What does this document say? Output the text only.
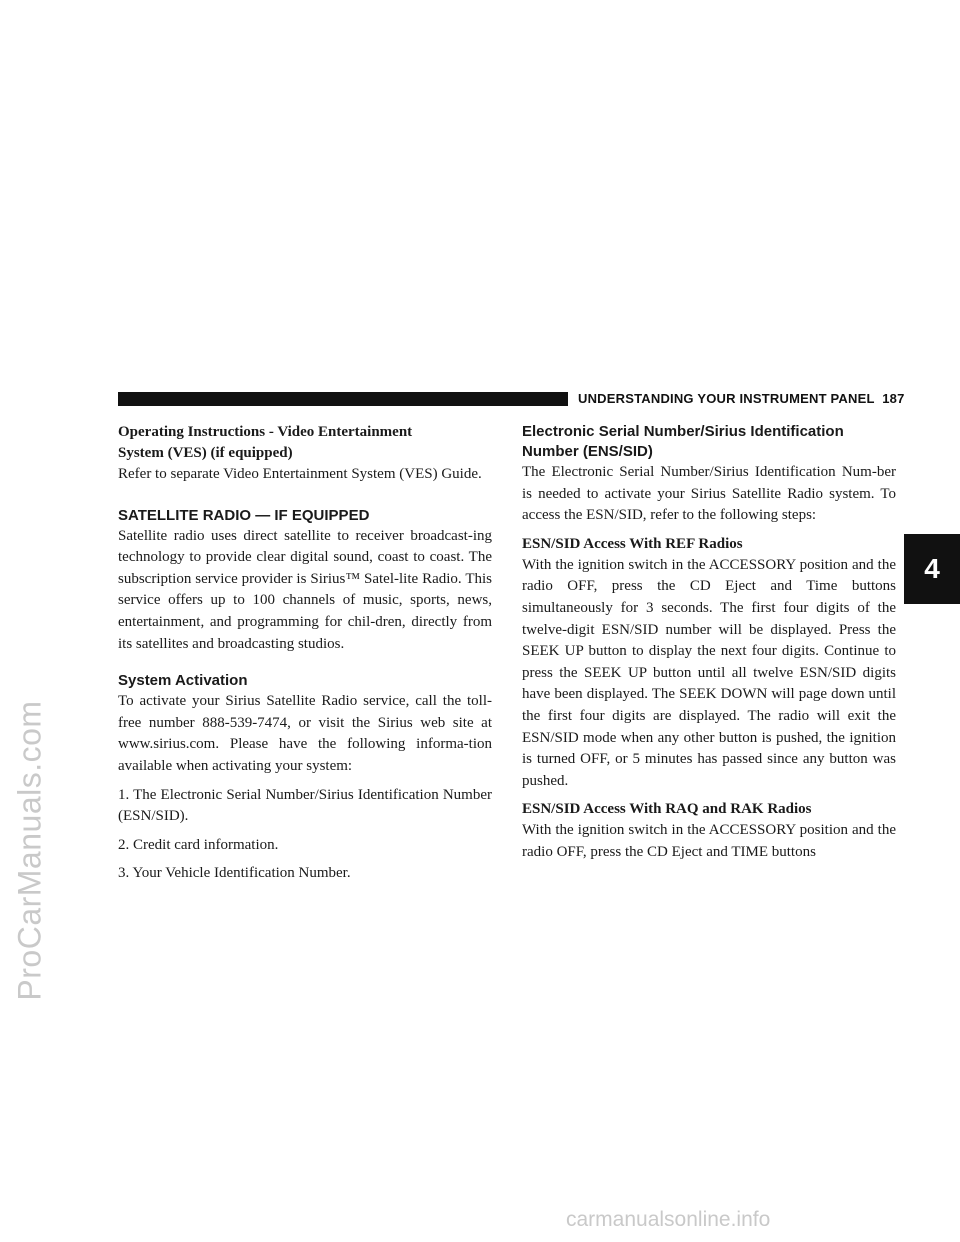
ProCarManuals.com
UNDERSTANDING YOUR INSTRUMENT PANEL 187
4
Operating Instructions - Video Entertainment
System (VES) (if equipped)

Refer to separate Video Entertainment System (VES) Guide.

SATELLITE RADIO — IF EQUIPPED

Satellite radio uses direct satellite to receiver broadcast-ing technology to provide clear digital sound, coast to coast. The subscription service provider is Sirius™ Satel-lite Radio. This service offers up to 100 channels of music, sports, news, entertainment, and programming for chil-dren, directly from its satellites and broadcasting studios.

System Activation

To activate your Sirius Satellite Radio service, call the toll-free number 888-539-7474, or visit the Sirius web site at www.sirius.com. Please have the following informa-tion available when activating your system:

1. The Electronic Serial Number/Sirius Identification Number (ESN/SID).

2. Credit card information.

3. Your Vehicle Identification Number.

Electronic Serial Number/Sirius Identification
Number (ENS/SID)

The Electronic Serial Number/Sirius Identification Num-ber is needed to activate your Sirius Satellite Radio system. To access the ESN/SID, refer to the following steps:

ESN/SID Access With REF Radios

With the ignition switch in the ACCESSORY position and the radio OFF, press the CD Eject and Time buttons simultaneously for 3 seconds. The first four digits of the twelve-digit ESN/SID number will be displayed. Press the SEEK UP button to display the next four digits. Continue to press the SEEK UP button until all twelve ESN/SID digits have been displayed. The SEEK DOWN will page down until the first four digits are displayed. The radio will exit the ESN/SID mode when any other button is pushed, the ignition is turned OFF, or 5 minutes has passed since any button was pushed.

ESN/SID Access With RAQ and RAK Radios

With the ignition switch in the ACCESSORY position and the radio OFF, press the CD Eject and TIME buttons

carmanualsonline.info
